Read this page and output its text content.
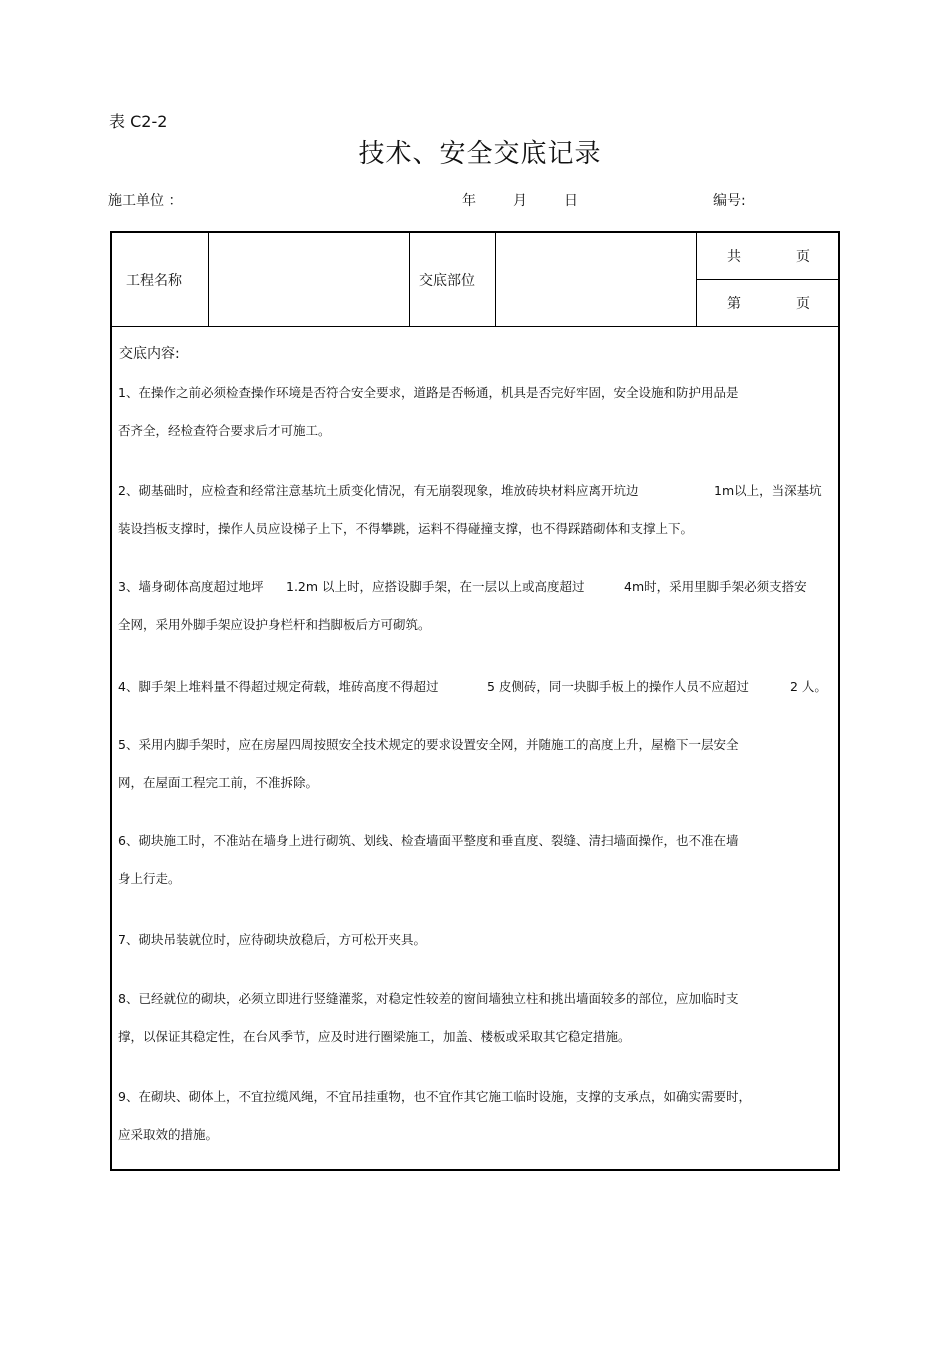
表 C2-2
技术、安全交底记录
施工单位 ：	年	月	日	编号:
工程名称	交底部位
共	页
第	页
交底内容:
1、在操作之前必须检查操作环境是否符合安全要求，道路是否畅通，机具是否完好牢固，安全设施和防护用品是
否齐全，经检查符合要求后才可施工。
2、砌基础时，应检查和经常注意基坑土质变化情况，有无崩裂现象，堆放砖块材料应离开坑边	1m以上，当深基坑
装设挡板支撑时，操作人员应设梯子上下，不得攀跳，运料不得碰撞支撑，也不得踩踏砌体和支撑上下。
3、墙身砌体高度超过地坪 1.2m 以上时，应搭设脚手架，在一层以上或高度超过	4m时，采用里脚手架必须支搭安
全网，采用外脚手架应设护身栏杆和挡脚板后方可砌筑。
4、脚手架上堆料量不得超过规定荷载，堆砖高度不得超过	5 皮侧砖，同一块脚手板上的操作人员不应超过	2 人。
5、采用内脚手架时，应在房屋四周按照安全技术规定的要求设置安全网，并随施工的高度上升，屋檐下一层安全
网，在屋面工程完工前，不准拆除。
6、砌块施工时，不准站在墙身上进行砌筑、划线、检查墙面平整度和垂直度、裂缝、清扫墙面操作，也不准在墙
身上行走。
7、砌块吊装就位时，应待砌块放稳后，方可松开夹具。
8、已经就位的砌块，必须立即进行竖缝灌浆，对稳定性较差的窗间墙独立柱和挑出墙面较多的部位，应加临时支
撑，以保证其稳定性，在台风季节，应及时进行圈梁施工，加盖、楼板或采取其它稳定措施。
9、在砌块、砌体上，不宜拉缆风绳，不宜吊挂重物，也不宜作其它施工临时设施，支撑的支承点，如确实需要时，
应采取效的措施。
